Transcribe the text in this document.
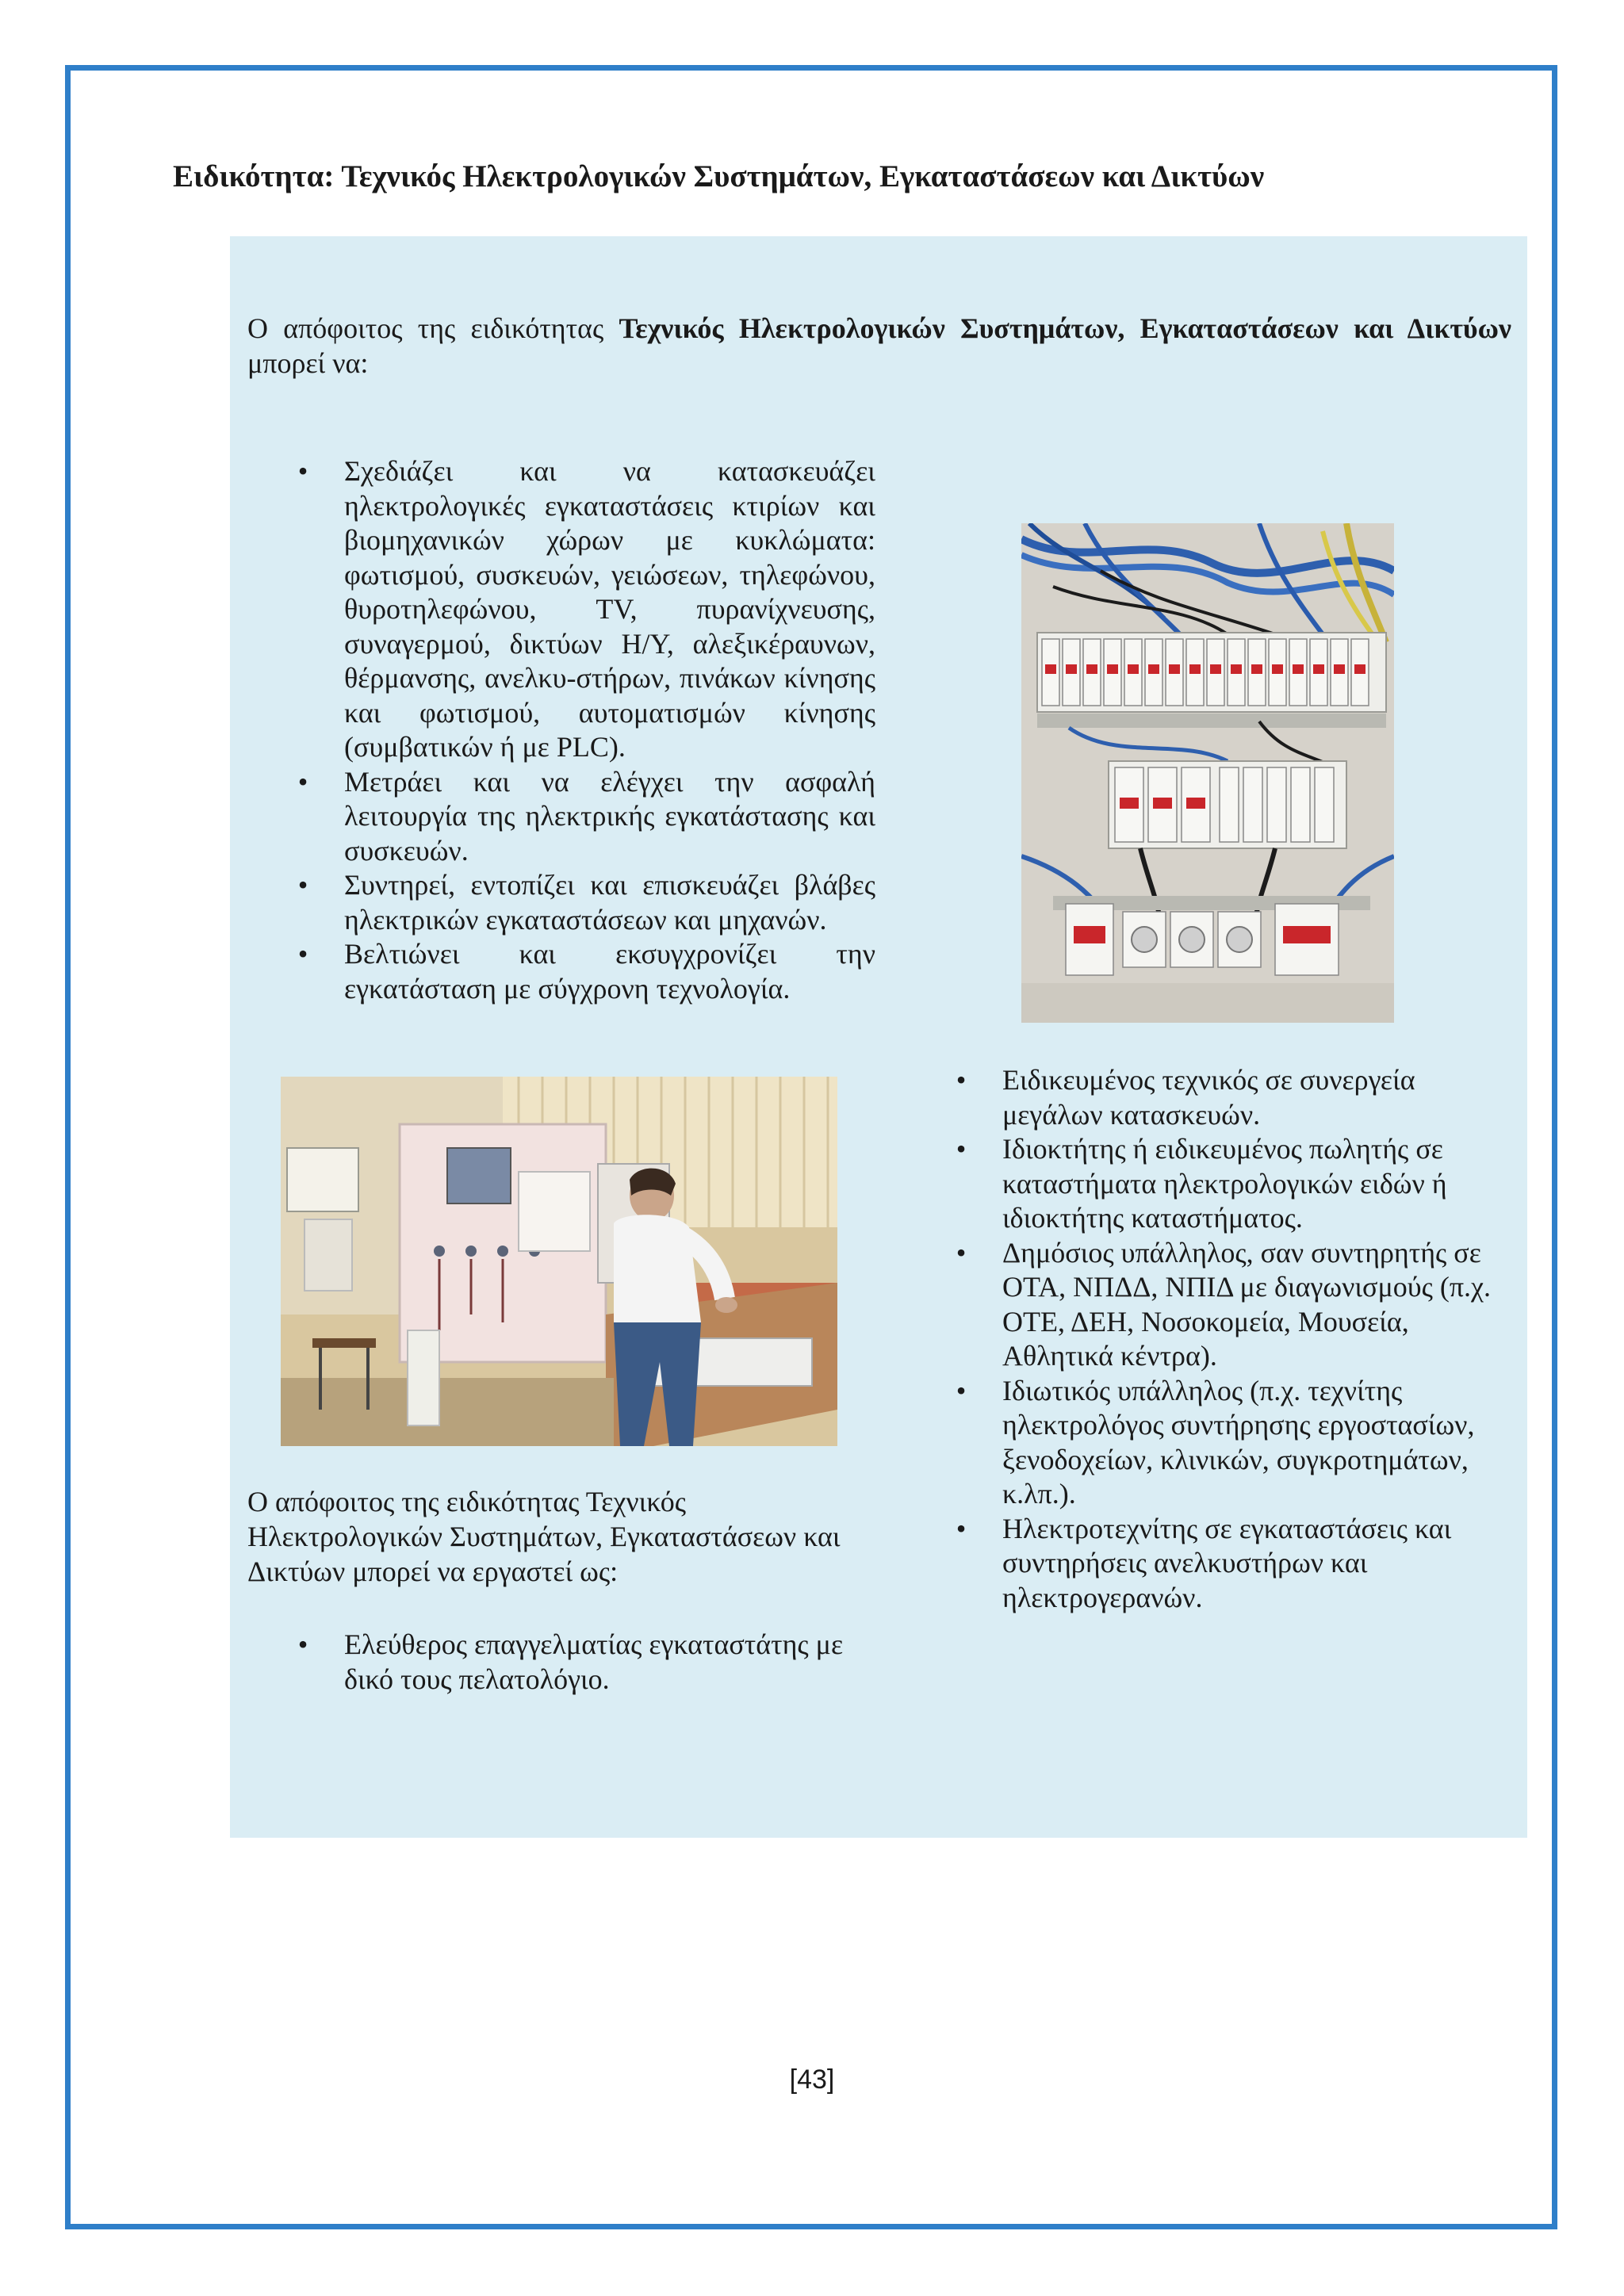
Ειδικότητα: Τεχνικός Ηλεκτρολογικών Συστημάτων, Εγκαταστάσεων και Δικτύων

Ο απόφοιτος της ειδικότητας Τεχνικός Ηλεκτρολογικών Συστημάτων, Εγκαταστάσεων και Δικτύων μπορεί να:

• Σχεδιάζει και να κατασκευάζει ηλεκτρολογικές εγκαταστάσεις κτιρίων και βιομηχανικών χώρων με κυκλώματα: φωτισμού, συσκευών, γειώσεων, τηλεφώνου, θυροτηλεφώνου, TV, πυρανίχνευσης, συναγερμού, δικτύων Η/Υ, αλεξικέραυνων, θέρμανσης, ανελκυ-στήρων, πινάκων κίνησης και φωτισμού, αυτοματισμών κίνησης (συμβατικών ή με PLC).
• Μετράει και να ελέγχει την ασφαλή λειτουργία της ηλεκτρικής εγκατάστασης και συσκευών.
• Συντηρεί, εντοπίζει και επισκευάζει βλάβες ηλεκτρικών εγκαταστάσεων και μηχανών.
• Βελτιώνει και εκσυγχρονίζει την εγκατάσταση με σύγχρονη τεχνολογία.

Ο απόφοιτος της ειδικότητας Τεχνικός Ηλεκτρολογικών Συστημάτων, Εγκαταστάσεων και Δικτύων μπορεί να εργαστεί ως:

• Ελεύθερος επαγγελματίας εγκαταστάτης με δικό τους πελατολόγιο.
• Ειδικευμένος τεχνικός σε συνεργεία μεγάλων κατασκευών.
• Ιδιοκτήτης ή ειδικευμένος πωλητής σε καταστήματα ηλεκτρολογικών ειδών ή ιδιοκτήτης καταστήματος.
• Δημόσιος υπάλληλος, σαν συντηρητής σε ΟΤΑ, ΝΠΔΔ, ΝΠΙΔ με διαγωνισμούς (π.χ. ΟΤΕ, ΔΕΗ, Νοσοκομεία, Μουσεία, Αθλητικά κέντρα).
• Ιδιωτικός υπάλληλος (π.χ. τεχνίτης ηλεκτρολόγος συντήρησης εργοστασίων, ξενοδοχείων, κλινικών, συγκροτημάτων, κ.λπ.).
• Ηλεκτροτεχνίτης σε εγκαταστάσεις και συντηρήσεις ανελκυστήρων και ηλεκτρογερανών.
[43]
